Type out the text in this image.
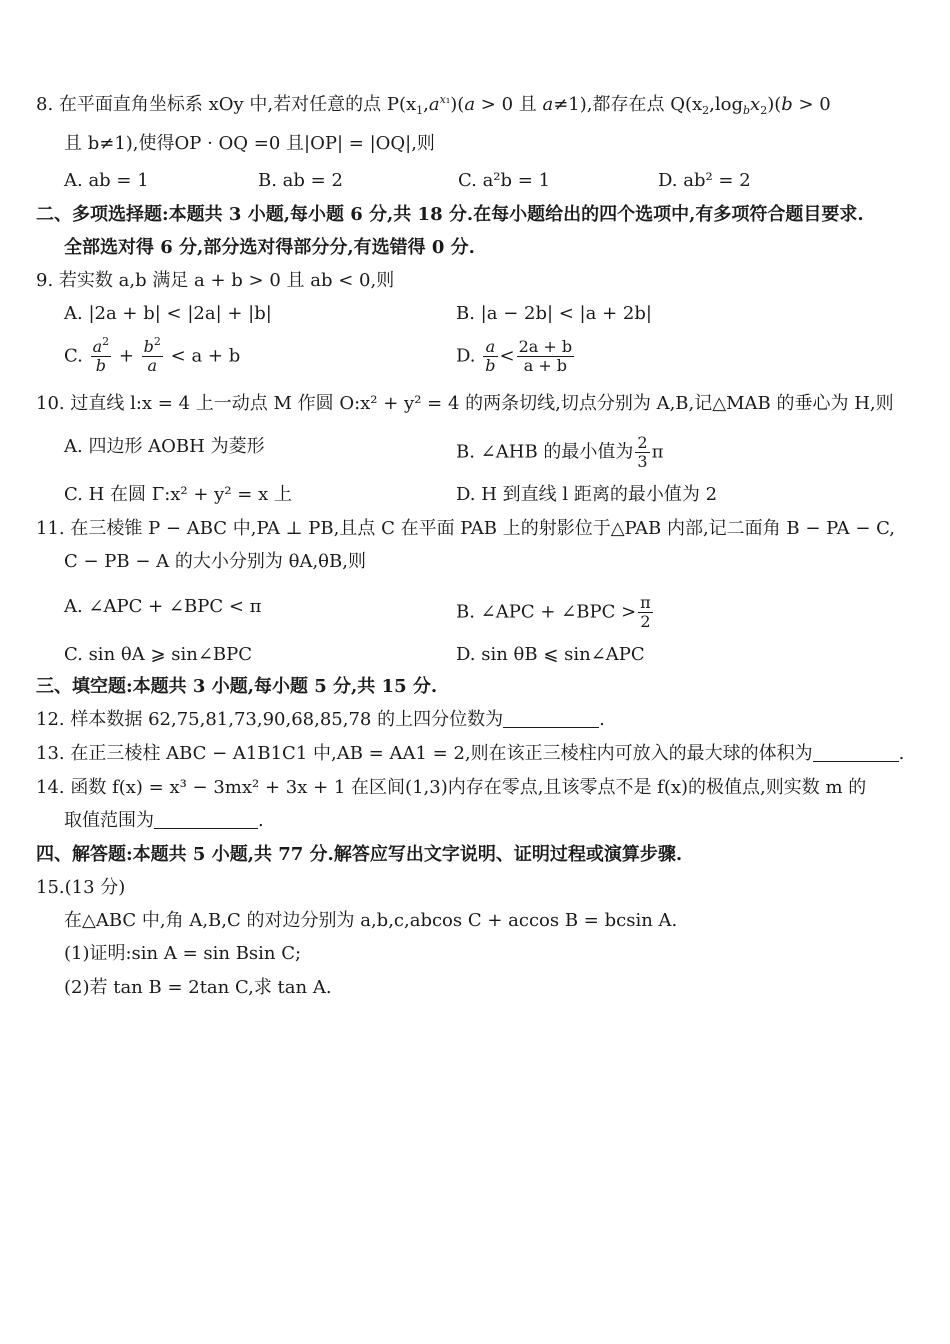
8. 在平面直角坐标系 xOy 中,若对任意的点 $P(x_1,a^{x_1})(a > 0$ 且 a≠1),都存在点 $Q(x_2,\log_bx_2)(b > 0$
且 b≠1),使得OP · OQ =0 且|OP| = |OQ|,则
A. ab = 1	B. ab = 2	C. a²b = 1	D. ab² = 2
二、多项选择题:本题共 3 小题,每小题 6 分,共 18 分.在每小题给出的四个选项中,有多项符合题目要求.
全部选对得 6 分,部分选对得部分分,有选错得 0 分.
9. 若实数 a,b 满足 a + b > 0 且 ab < 0,则
A. |2a + b| < |2a| + |b|	B. |a − 2b| < |a + 2b|
C. $\frac{a^2}{b} + \frac{b^2}{a} < a + b$	D. $\frac{a}{b} < \frac{2a + b}{a + b}$
10. 过直线 l:x = 4 上一动点 M 作圆 O:x² + y² = 4 的两条切线,切点分别为 A,B,记△MAB 的垂心为 H,则
A. 四边形 AOBH 为菱形	B. ∠AHB 的最小值为 $\frac{2}{3}$ π
C. H 在圆 Γ:x² + y² = x 上	D. H 到直线 l 距离的最小值为 2
11. 在三棱锥 P − ABC 中,PA ⊥ PB,且点 C 在平面 PAB 上的射影位于△PAB 内部,记二面角 B − PA − C,
C − PB − A 的大小分别为 θA,θB,则
A. ∠APC + ∠BPC < π	B. ∠APC + ∠BPC > $\frac{\pi}{2}$
C. sin θA ⩾ sin∠BPC	D. sin θB ⩽ sin∠APC
三、填空题:本题共 3 小题,每小题 5 分,共 15 分.
12. 样本数据 62,75,81,73,90,68,85,78 的上四分位数为	.
13. 在正三棱柱 ABC − A1B1C1 中,AB = AA1 = 2,则在该正三棱柱内可放入的最大球的体积为	.
14. 函数 f(x) = x³ − 3mx² + 3x + 1 在区间(1,3)内存在零点,且该零点不是 f(x)的极值点,则实数 m 的
取值范围为	.
四、解答题:本题共 5 小题,共 77 分.解答应写出文字说明、证明过程或演算步骤.
15.(13 分)
在△ABC 中,角 A,B,C 的对边分别为 a,b,c,abcos C + accos B = bcsin A.
(1)证明:sin A = sin Bsin C;
(2)若 tan B = 2tan C,求 tan A.
